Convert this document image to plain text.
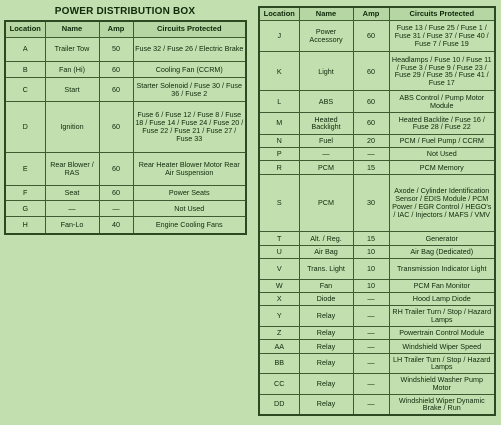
POWER DISTRIBUTION BOX
Location	Name	Amp	Circuits Protected
A	Trailer Tow	50	Fuse 32 / Fuse 26 / Electric Brake
B	Fan (Hi)	60	Cooling Fan (CCRM)
C	Start	60	Starter Solenoid / Fuse 30 / Fuse 36 / Fuse 2
D	Ignition	60	Fuse 6 / Fuse 12 / Fuse 8 / Fuse 18 / Fuse 14 / Fuse 24 / Fuse 20 / Fuse 22 / Fuse 21 / Fuse 27 / Fuse 33
E	Rear Blower / RAS	60	Rear Heater Blower Motor Rear Air Suspension
F	Seat	60	Power Seats
G	—	—	Not Used
H	Fan-Lo	40	Engine Cooling Fans
Location	Name	Amp	Circuits Protected
J	Power Accessory	60	Fuse 13 / Fuse 25 / Fuse 1 / Fuse 31 / Fuse 37 / Fuse 40 / Fuse 7 / Fuse 19
K	Light	60	Headlamps / Fuse 10 / Fuse 11 / Fuse 3 / Fuse 9 / Fuse 23 / Fuse 29 / Fuse 35 / Fuse 41 / Fuse 17
L	ABS	60	ABS Control / Pump Motor Module
M	Heated Backlight	60	Heated Backlite / Fuse 16 / Fuse 28 / Fuse 22
N	Fuel	20	PCM / Fuel Pump / CCRM
P	—	—	Not Used
R	PCM	15	PCM Memory
S	PCM	30	Axode / Cylinder Identification Sensor / EDIS Module / PCM Power / EGR Control / HEGO's / IAC / Injectors / MAFS / VMV
T	Alt. / Reg.	15	Generator
U	Air Bag	10	Air Bag (Dedicated)
V	Trans. Light	10	Transmission Indicator Light
W	Fan	10	PCM Fan Monitor
X	Diode	—	Hood Lamp Diode
Y	Relay	—	RH Trailer Turn / Stop / Hazard Lamps
Z	Relay	—	Powertrain Control Module
AA	Relay	—	Windshield Wiper Speed
BB	Relay	—	LH Trailer Turn / Stop / Hazard Lamps
CC	Relay	—	Windshield Washer Pump Motor
DD	Relay	—	Windshield Wiper Dynamic Brake / Run
